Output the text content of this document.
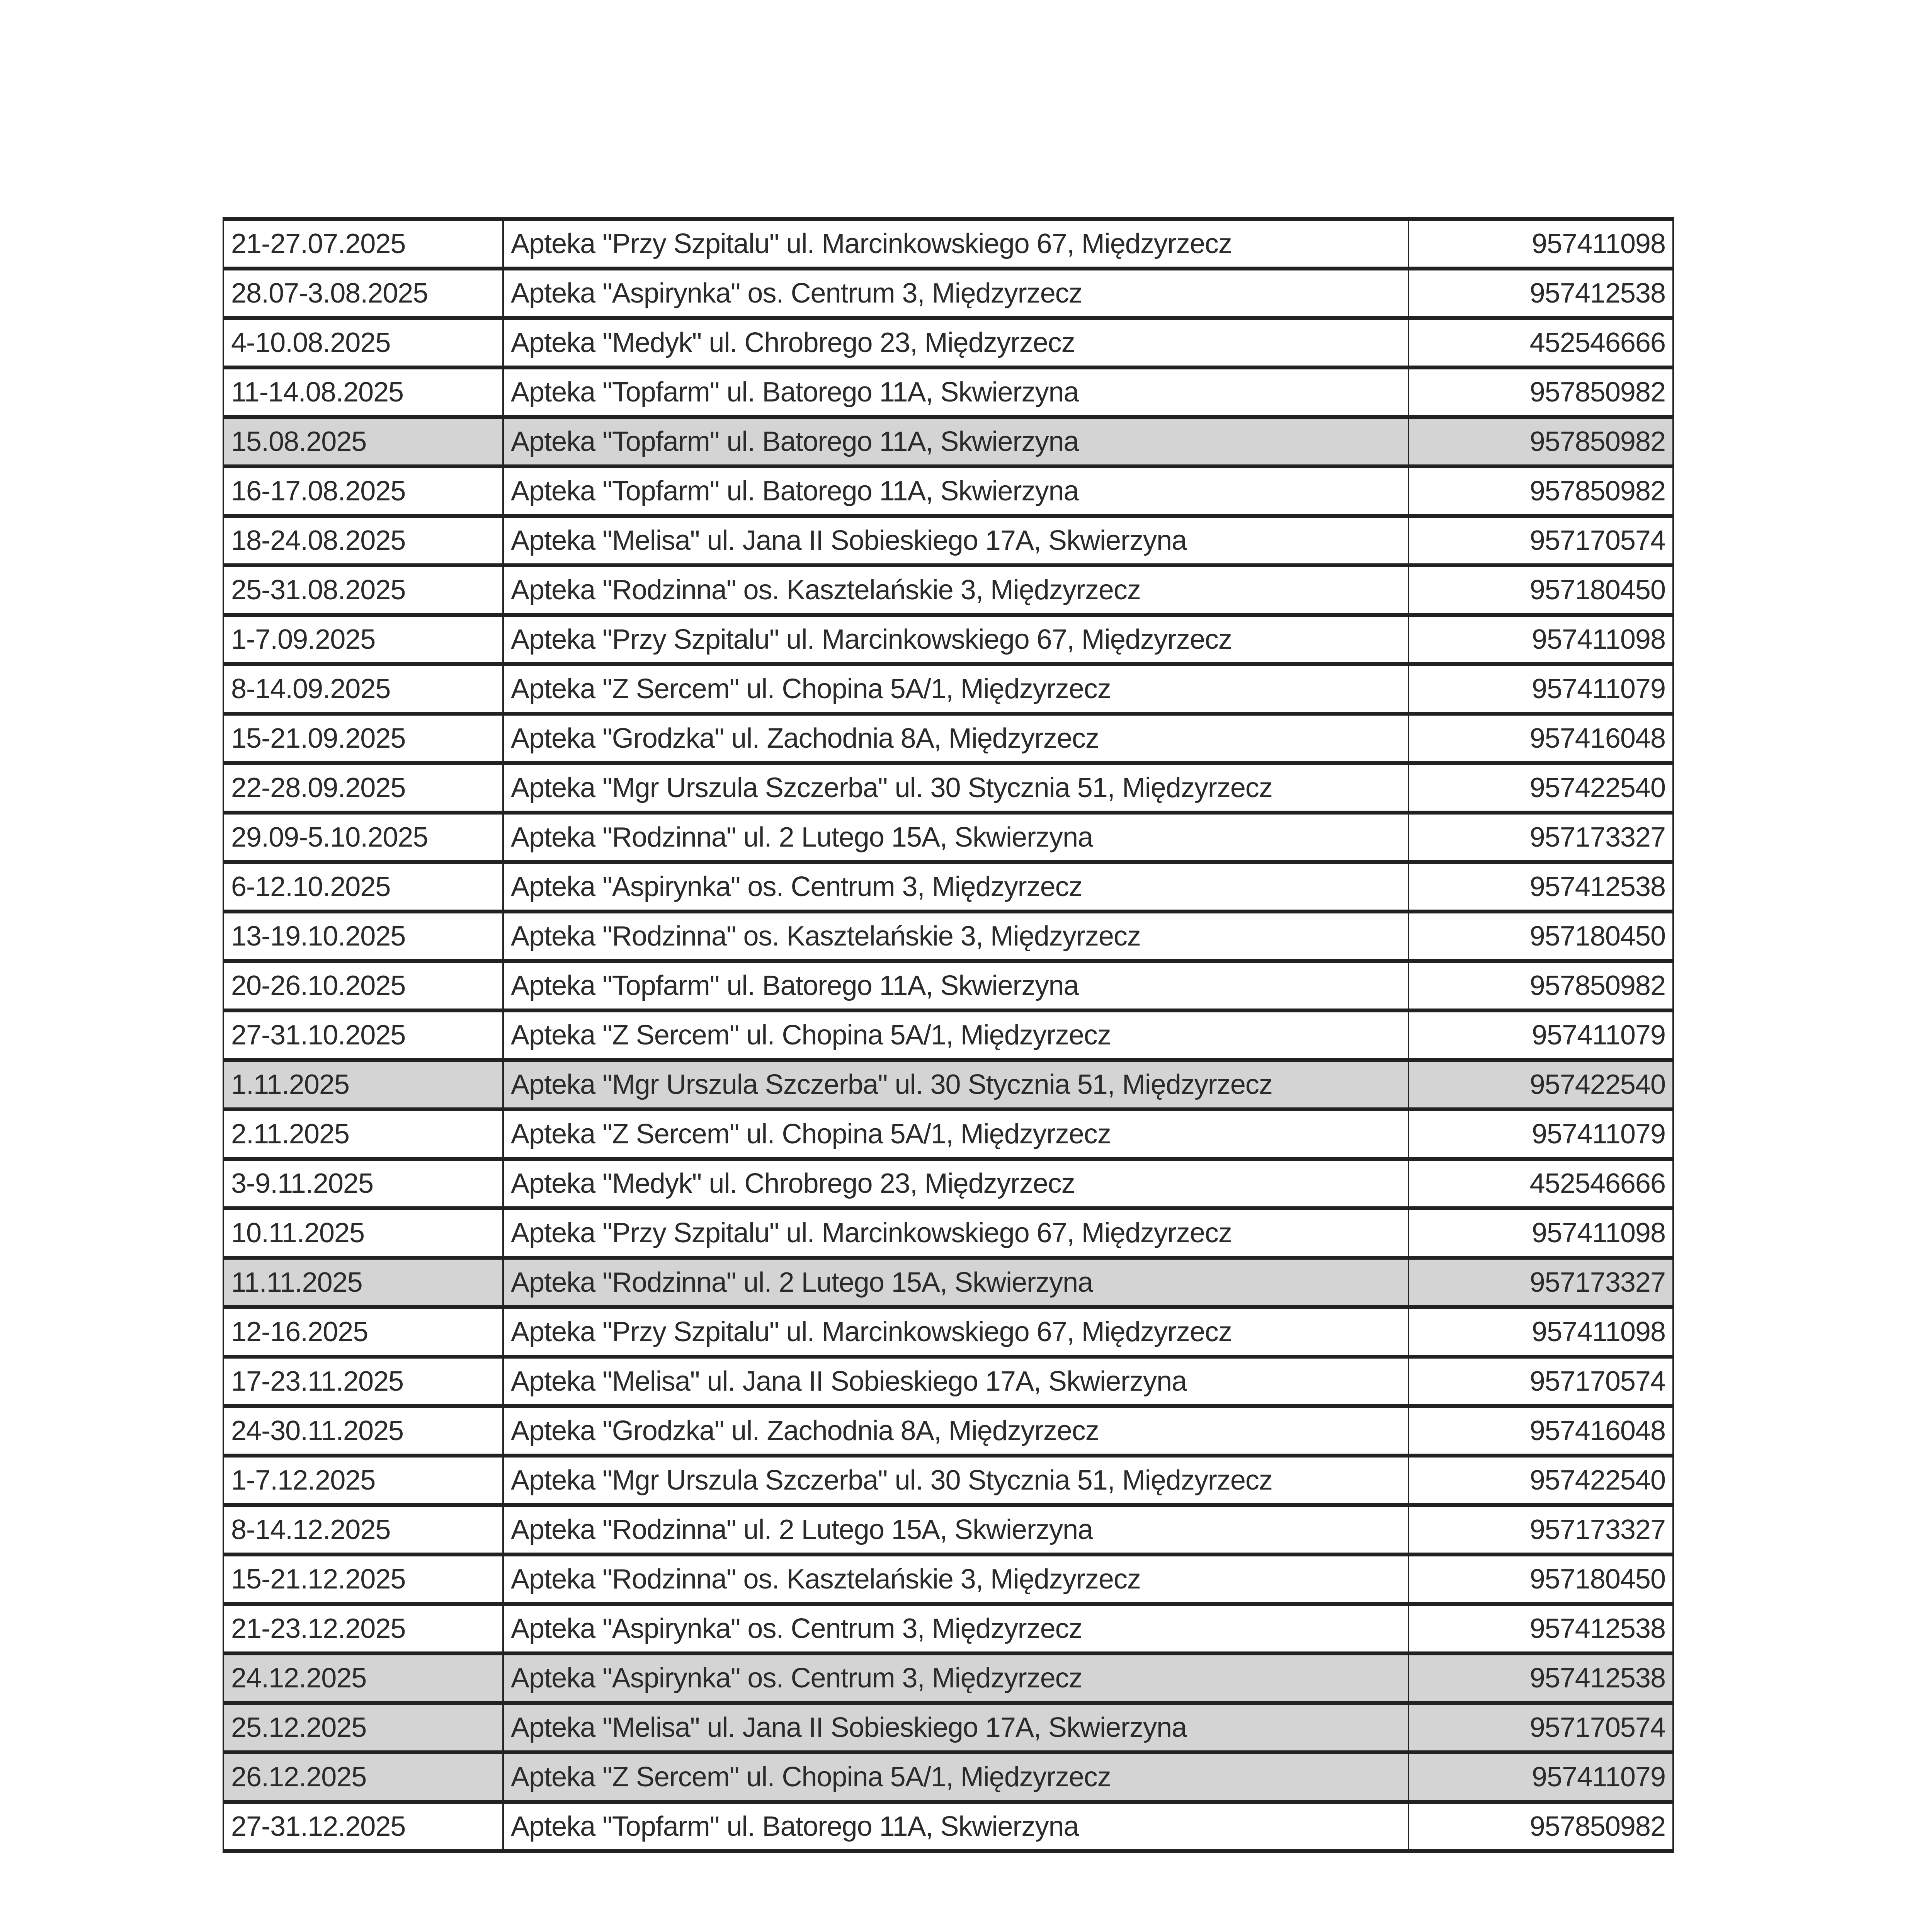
21-27.07.2025	Apteka "Przy Szpitalu" ul. Marcinkowskiego 67, Międzyrzecz	957411098
28.07-3.08.2025	Apteka "Aspirynka" os. Centrum 3, Międzyrzecz	957412538
4-10.08.2025	Apteka "Medyk" ul. Chrobrego 23, Międzyrzecz	452546666
11-14.08.2025	Apteka "Topfarm" ul. Batorego 11A, Skwierzyna	957850982
15.08.2025	Apteka "Topfarm" ul. Batorego 11A, Skwierzyna	957850982
16-17.08.2025	Apteka "Topfarm" ul. Batorego 11A, Skwierzyna	957850982
18-24.08.2025	Apteka "Melisa" ul. Jana II Sobieskiego 17A, Skwierzyna	957170574
25-31.08.2025	Apteka "Rodzinna" os. Kasztelańskie 3, Międzyrzecz	957180450
1-7.09.2025	Apteka "Przy Szpitalu" ul. Marcinkowskiego 67, Międzyrzecz	957411098
8-14.09.2025	Apteka "Z Sercem" ul. Chopina 5A/1, Międzyrzecz	957411079
15-21.09.2025	Apteka "Grodzka" ul. Zachodnia 8A, Międzyrzecz	957416048
22-28.09.2025	Apteka "Mgr Urszula Szczerba" ul. 30 Stycznia 51, Międzyrzecz	957422540
29.09-5.10.2025	Apteka "Rodzinna" ul. 2 Lutego 15A, Skwierzyna	957173327
6-12.10.2025	Apteka "Aspirynka" os. Centrum 3, Międzyrzecz	957412538
13-19.10.2025	Apteka "Rodzinna" os. Kasztelańskie 3, Międzyrzecz	957180450
20-26.10.2025	Apteka "Topfarm" ul. Batorego 11A, Skwierzyna	957850982
27-31.10.2025	Apteka "Z Sercem" ul. Chopina 5A/1, Międzyrzecz	957411079
1.11.2025	Apteka "Mgr Urszula Szczerba" ul. 30 Stycznia 51, Międzyrzecz	957422540
2.11.2025	Apteka "Z Sercem" ul. Chopina 5A/1, Międzyrzecz	957411079
3-9.11.2025	Apteka "Medyk" ul. Chrobrego 23, Międzyrzecz	452546666
10.11.2025	Apteka "Przy Szpitalu" ul. Marcinkowskiego 67, Międzyrzecz	957411098
11.11.2025	Apteka "Rodzinna" ul. 2 Lutego 15A, Skwierzyna	957173327
12-16.2025	Apteka "Przy Szpitalu" ul. Marcinkowskiego 67, Międzyrzecz	957411098
17-23.11.2025	Apteka "Melisa" ul. Jana II Sobieskiego 17A, Skwierzyna	957170574
24-30.11.2025	Apteka "Grodzka" ul. Zachodnia 8A, Międzyrzecz	957416048
1-7.12.2025	Apteka "Mgr Urszula Szczerba" ul. 30 Stycznia 51, Międzyrzecz	957422540
8-14.12.2025	Apteka "Rodzinna" ul. 2 Lutego 15A, Skwierzyna	957173327
15-21.12.2025	Apteka "Rodzinna" os. Kasztelańskie 3, Międzyrzecz	957180450
21-23.12.2025	Apteka "Aspirynka" os. Centrum 3, Międzyrzecz	957412538
24.12.2025	Apteka "Aspirynka" os. Centrum 3, Międzyrzecz	957412538
25.12.2025	Apteka "Melisa" ul. Jana II Sobieskiego 17A, Skwierzyna	957170574
26.12.2025	Apteka "Z Sercem" ul. Chopina 5A/1, Międzyrzecz	957411079
27-31.12.2025	Apteka "Topfarm" ul. Batorego 11A, Skwierzyna	957850982
